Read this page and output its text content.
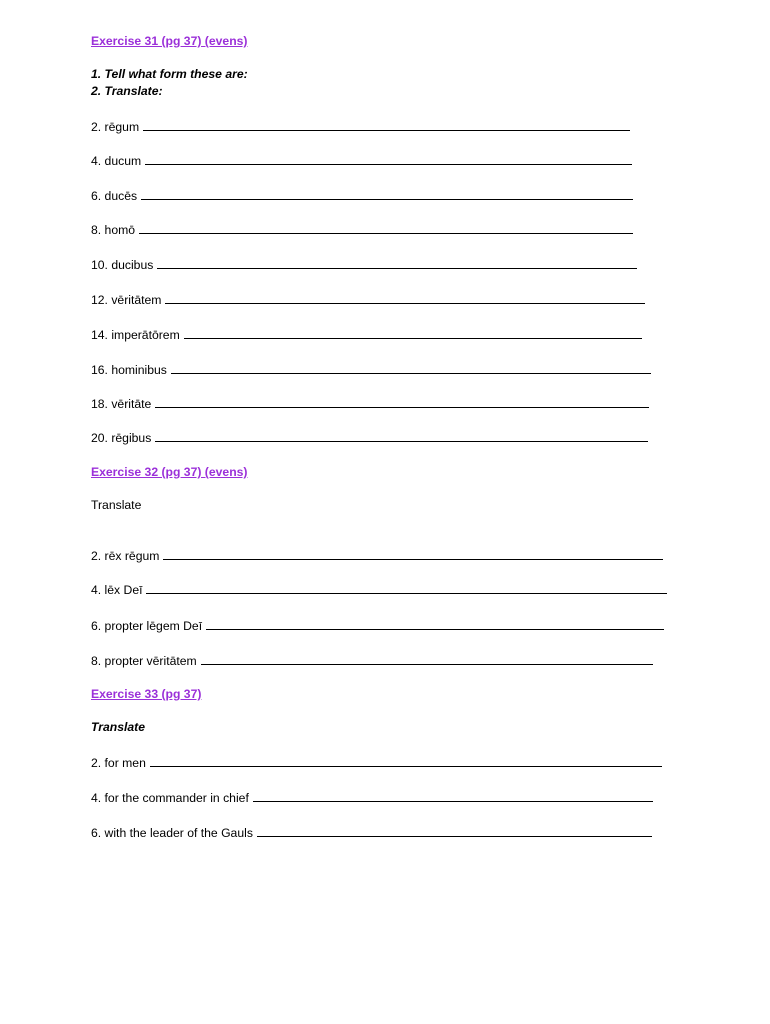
Exercise 31 (pg 37) (evens)
1. Tell what form these are:
2. Translate:
2. rēgum
4. ducum
6. ducēs
8. homō
10. ducibus
12. vēritātem
14. imperātōrem
16. hominibus
18. vēritāte
20. rēgibus
Exercise 32 (pg 37) (evens)
Translate
2. rēx rēgum
4. lēx Deī
6. propter lēgem Deī
8. propter vēritātem
Exercise 33 (pg 37)
Translate
2. for men
4. for the commander in chief
6. with the leader of the Gauls
